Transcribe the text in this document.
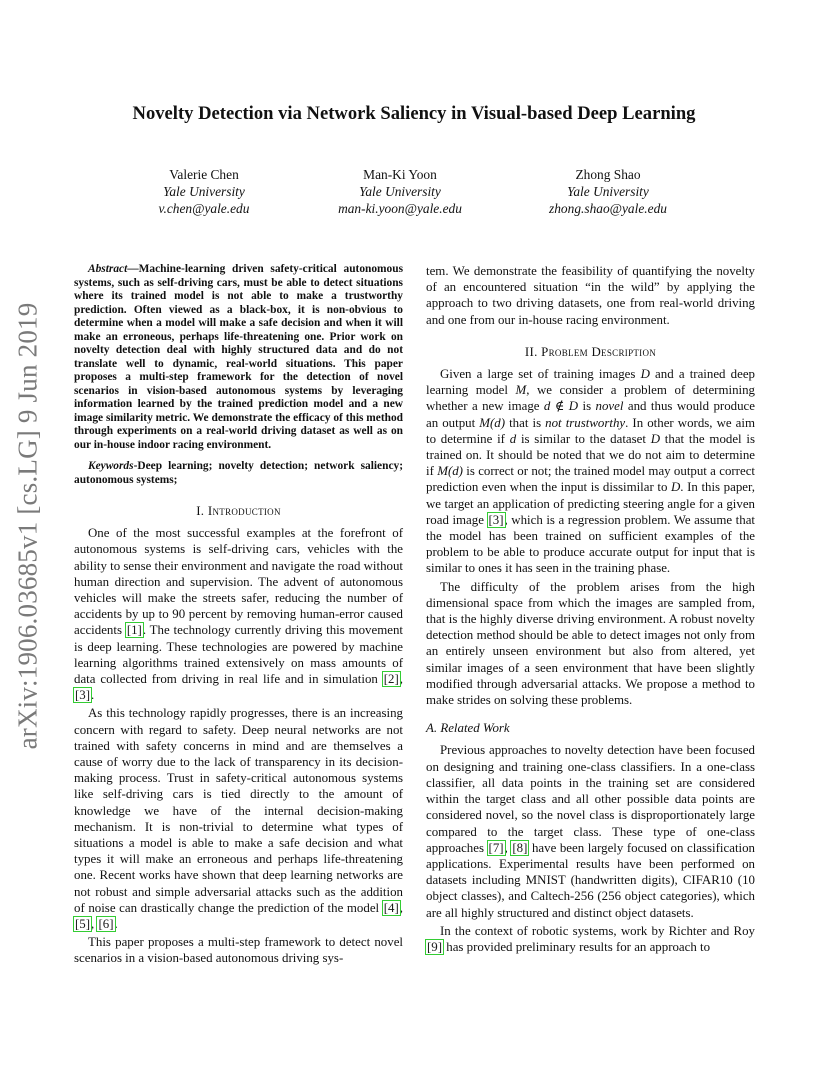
arXiv:1906.03685v1 [cs.LG] 9 Jun 2019
Novelty Detection via Network Saliency in Visual-based Deep Learning
Valerie Chen
Yale University
v.chen@yale.edu
Man-Ki Yoon
Yale University
man-ki.yoon@yale.edu
Zhong Shao
Yale University
zhong.shao@yale.edu

Abstract—Machine-learning driven safety-critical autonomous systems, such as self-driving cars, must be able to detect situations where its trained model is not able to make a trustworthy prediction. Often viewed as a black-box, it is non-obvious to determine when a model will make a safe decision and when it will make an erroneous, perhaps life-threatening one. Prior work on novelty detection deal with highly structured data and do not translate well to dynamic, real-world situations. This paper proposes a multi-step framework for the detection of novel scenarios in vision-based autonomous systems by leveraging information learned by the trained prediction model and a new image similarity metric. We demonstrate the efficacy of this method through experiments on a real-world driving dataset as well as on our in-house indoor racing environment.

Keywords-Deep learning; novelty detection; network saliency; autonomous systems;

I. Introduction

One of the most successful examples at the forefront of autonomous systems is self-driving cars, vehicles with the ability to sense their environment and navigate the road without human direction and supervision. The advent of autonomous vehicles will make the streets safer, reducing the number of accidents by up to 90 percent by removing human-error caused accidents [1]. The technology currently driving this movement is deep learning. These technologies are powered by machine learning algorithms trained extensively on mass amounts of data collected from driving in real life and in simulation [2], [3].

As this technology rapidly progresses, there is an increasing concern with regard to safety. Deep neural networks are not trained with safety concerns in mind and are themselves a cause of worry due to the lack of transparency in its decision-making process. Trust in safety-critical autonomous systems like self-driving cars is tied directly to the amount of knowledge we have of the internal decision-making mechanism. It is non-trivial to determine what types of situations a model is able to make a safe decision and what types it will make an erroneous and perhaps life-threatening one. Recent works have shown that deep learning networks are not robust and simple adversarial attacks such as the addition of noise can drastically change the prediction of the model [4], [5], [6].

This paper proposes a multi-step framework to detect novel scenarios in a vision-based autonomous driving sys-

tem. We demonstrate the feasibility of quantifying the novelty of an encountered situation “in the wild” by applying the approach to two driving datasets, one from real-world driving and one from our in-house racing environment.

II. Problem Description

Given a large set of training images D and a trained deep learning model M, we consider a problem of determining whether a new image d ∉ D is novel and thus would produce an output M(d) that is not trustworthy. In other words, we aim to determine if d is similar to the dataset D that the model is trained on. It should be noted that we do not aim to determine if M(d) is correct or not; the trained model may output a correct prediction even when the input is dissimilar to D. In this paper, we target an application of predicting steering angle for a given road image [3], which is a regression problem. We assume that the model has been trained on sufficient examples of the problem to be able to produce accurate output for input that is similar to ones it has seen in the training phase.

The difficulty of the problem arises from the high dimensional space from which the images are sampled from, that is the highly diverse driving environment. A robust novelty detection method should be able to detect images not only from an entirely unseen environment but also from altered, yet similar images of a seen environment that have been slightly modified through adversarial attacks. We propose a method to make strides on solving these problems.

A. Related Work

Previous approaches to novelty detection have been focused on designing and training one-class classifiers. In a one-class classifier, all data points in the training set are considered within the target class and all other possible data points are considered novel, so the novel class is disproportionately large compared to the target class. These type of one-class approaches [7], [8] have been largely focused on classification applications. Experimental results have been performed on datasets including MNIST (handwritten digits), CIFAR10 (10 object classes), and Caltech-256 (256 object categories), which are all highly structured and distinct object datasets.

In the context of robotic systems, work by Richter and Roy [9] has provided preliminary results for an approach to
